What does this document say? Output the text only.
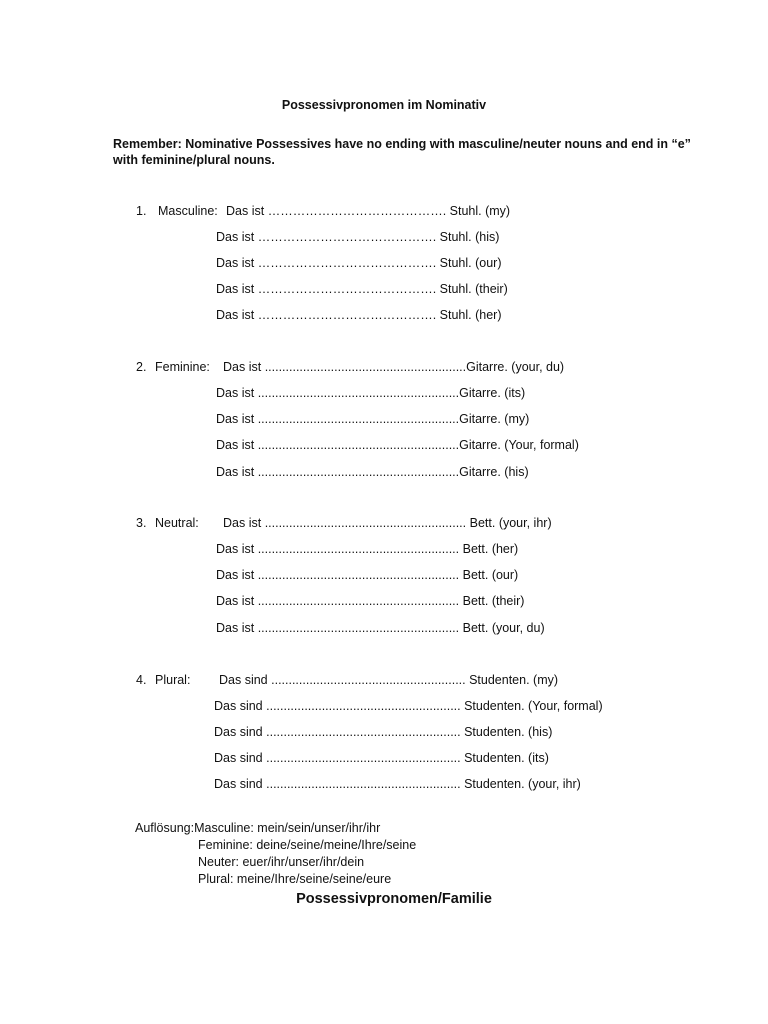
Possessivpronomen im Nominativ
Remember: Nominative Possessives have no ending with masculine/neuter nouns and end in “e”
with feminine/plural nouns.
1. Masculine: Das ist ……………………………………. Stuhl. (my)
Das ist ……………………………………. Stuhl. (his)
Das ist ……………………………………. Stuhl. (our)
Das ist ……………………………………. Stuhl. (their)
Das ist ……………………………………. Stuhl. (her)
2. Feminine: Das ist ..........................................................Gitarre. (your, du)
Das ist ..........................................................Gitarre. (its)
Das ist ..........................................................Gitarre. (my)
Das ist ..........................................................Gitarre. (Your, formal)
Das ist ..........................................................Gitarre. (his)
3. Neutral: Das ist .......................................................... Bett. (your, ihr)
Das ist .......................................................... Bett. (her)
Das ist .......................................................... Bett. (our)
Das ist .......................................................... Bett. (their)
Das ist .......................................................... Bett. (your, du)
4. Plural: Das sind ........................................................ Studenten. (my)
Das sind ........................................................ Studenten. (Your, formal)
Das sind ........................................................ Studenten. (his)
Das sind ........................................................ Studenten. (its)
Das sind ........................................................ Studenten. (your, ihr)
Auflösung:Masculine: mein/sein/unser/ihr/ihr
Feminine: deine/seine/meine/Ihre/seine
Neuter: euer/ihr/unser/ihr/dein
Plural: meine/Ihre/seine/seine/eure
Possessivpronomen/Familie
